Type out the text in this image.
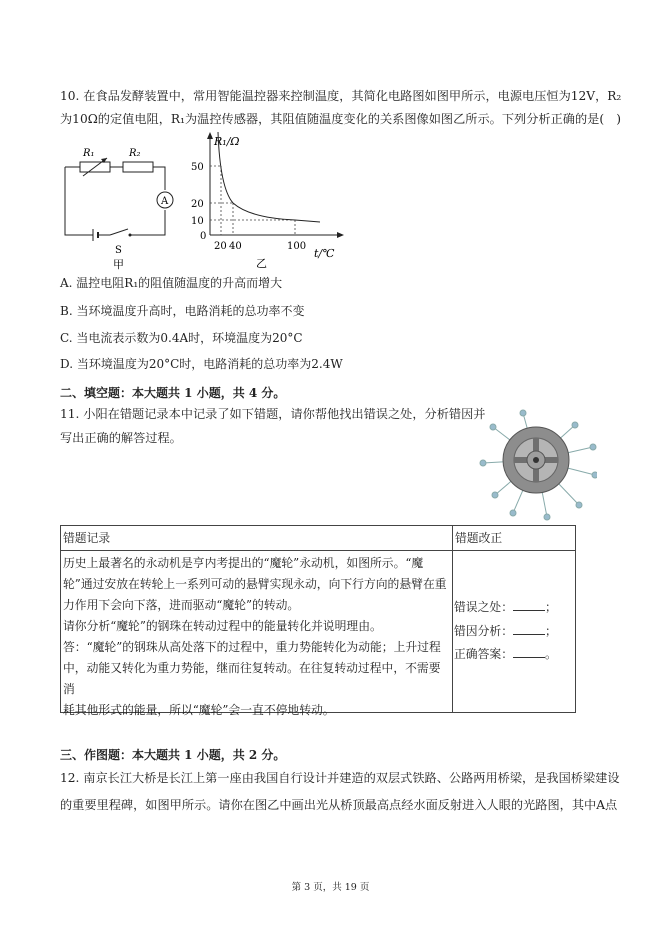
10. 在食品发酵装置中，常用智能温控器来控制温度，其简化电路图如图甲所示，电源电压恒为12V，R₂
为10Ω的定值电阻，R₁为温控传感器，其阻值随温度变化的关系图像如图乙所示。下列分析正确的是(　)
R₁	R₂
A
S
甲
R₁/Ω
t/℃
0
50
20
10
20 40	100
乙
A. 温控电阻R₁的阻值随温度的升高而增大
B. 当环境温度升高时，电路消耗的总功率不变
C. 当电流表示数为0.4A时，环境温度为20°C
D. 当环境温度为20°C时，电路消耗的总功率为2.4W
二、填空题：本大题共 1 小题，共 4 分。
11. 小阳在错题记录本中记录了如下错题，请你帮他找出错误之处，分析错因并
写出正确的解答过程。
错题记录	错题改正
历史上最著名的永动机是亨内考提出的“魔轮”永动机，如图所示。“魔
轮”通过安放在转轮上一系列可动的悬臂实现永动，向下行方向的悬臂在重
力作用下会向下落，进而驱动“魔轮”的转动。
请你分析“魔轮”的钢珠在转动过程中的能量转化并说明理由。
答：“魔轮”的钢珠从高处落下的过程中，重力势能转化为动能；上升过程
中，动能又转化为重力势能，继而往复转动。在往复转动过程中，不需要消
耗其他形式的能量，所以“魔轮”会一直不停地转动。
错误之处：	；
错因分析：	；
正确答案：	。
三、作图题：本大题共 1 小题，共 2 分。
12. 南京长江大桥是长江上第一座由我国自行设计并建造的双层式铁路、公路两用桥梁，是我国桥梁建设
的重要里程碑，如图甲所示。请你在图乙中画出光从桥顶最高点经水面反射进入人眼的光路图，其中A点
第 3 页，共 19 页
